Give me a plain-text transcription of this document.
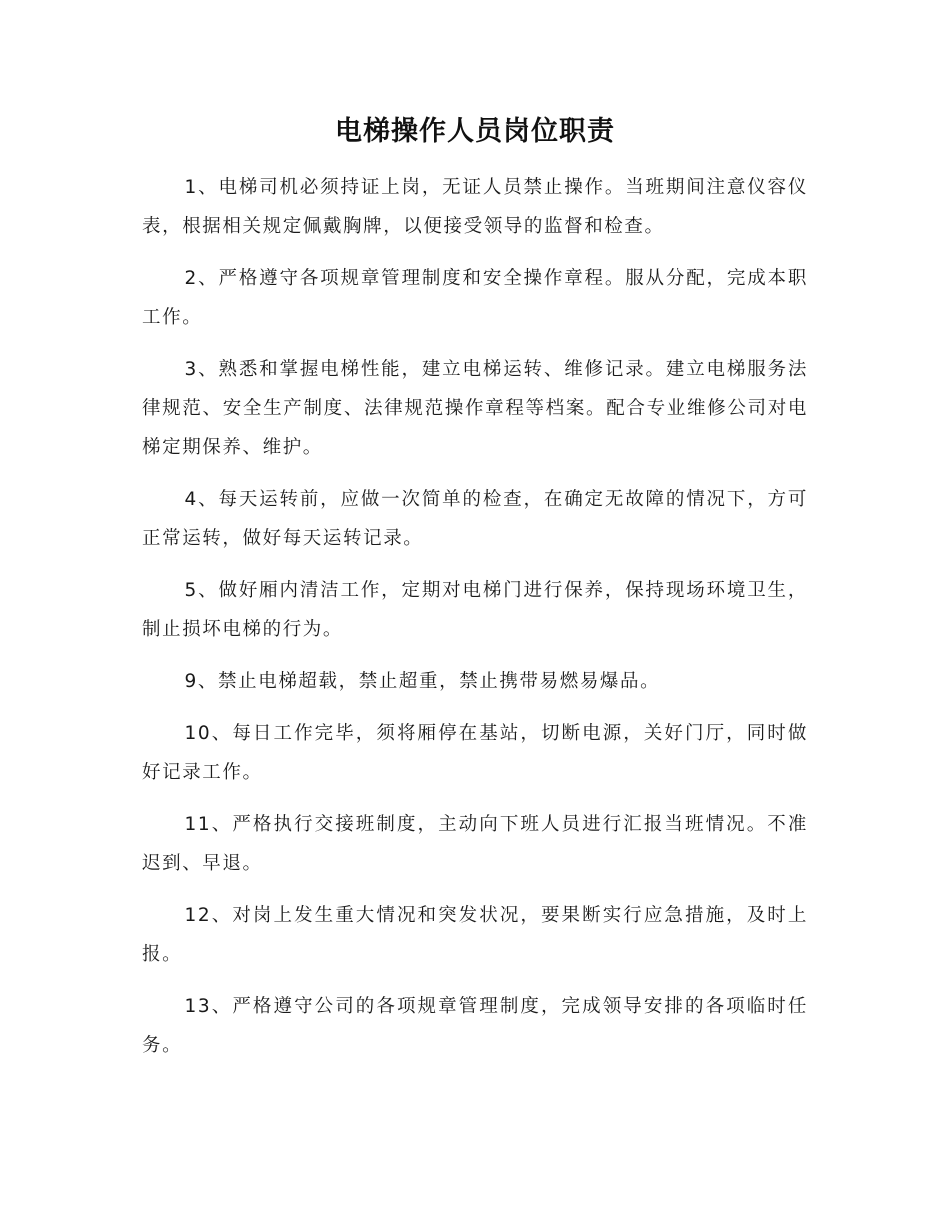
电梯操作人员岗位职责

1、电梯司机必须持证上岗，无证人员禁止操作。当班期间注意仪容仪表，根据相关规定佩戴胸牌，以便接受领导的监督和检查。

2、严格遵守各项规章管理制度和安全操作章程。服从分配，完成本职工作。

3、熟悉和掌握电梯性能，建立电梯运转、维修记录。建立电梯服务法律规范、安全生产制度、法律规范操作章程等档案。配合专业维修公司对电梯定期保养、维护。

4、每天运转前，应做一次简单的检查，在确定无故障的情况下，方可正常运转，做好每天运转记录。

5、做好厢内清洁工作，定期对电梯门进行保养，保持现场环境卫生，制止损坏电梯的行为。

9、禁止电梯超载，禁止超重，禁止携带易燃易爆品。

10、每日工作完毕，须将厢停在基站，切断电源，关好门厅，同时做好记录工作。

11、严格执行交接班制度，主动向下班人员进行汇报当班情况。不准迟到、早退。

12、对岗上发生重大情况和突发状况，要果断实行应急措施，及时上报。

13、严格遵守公司的各项规章管理制度，完成领导安排的各项临时任务。
